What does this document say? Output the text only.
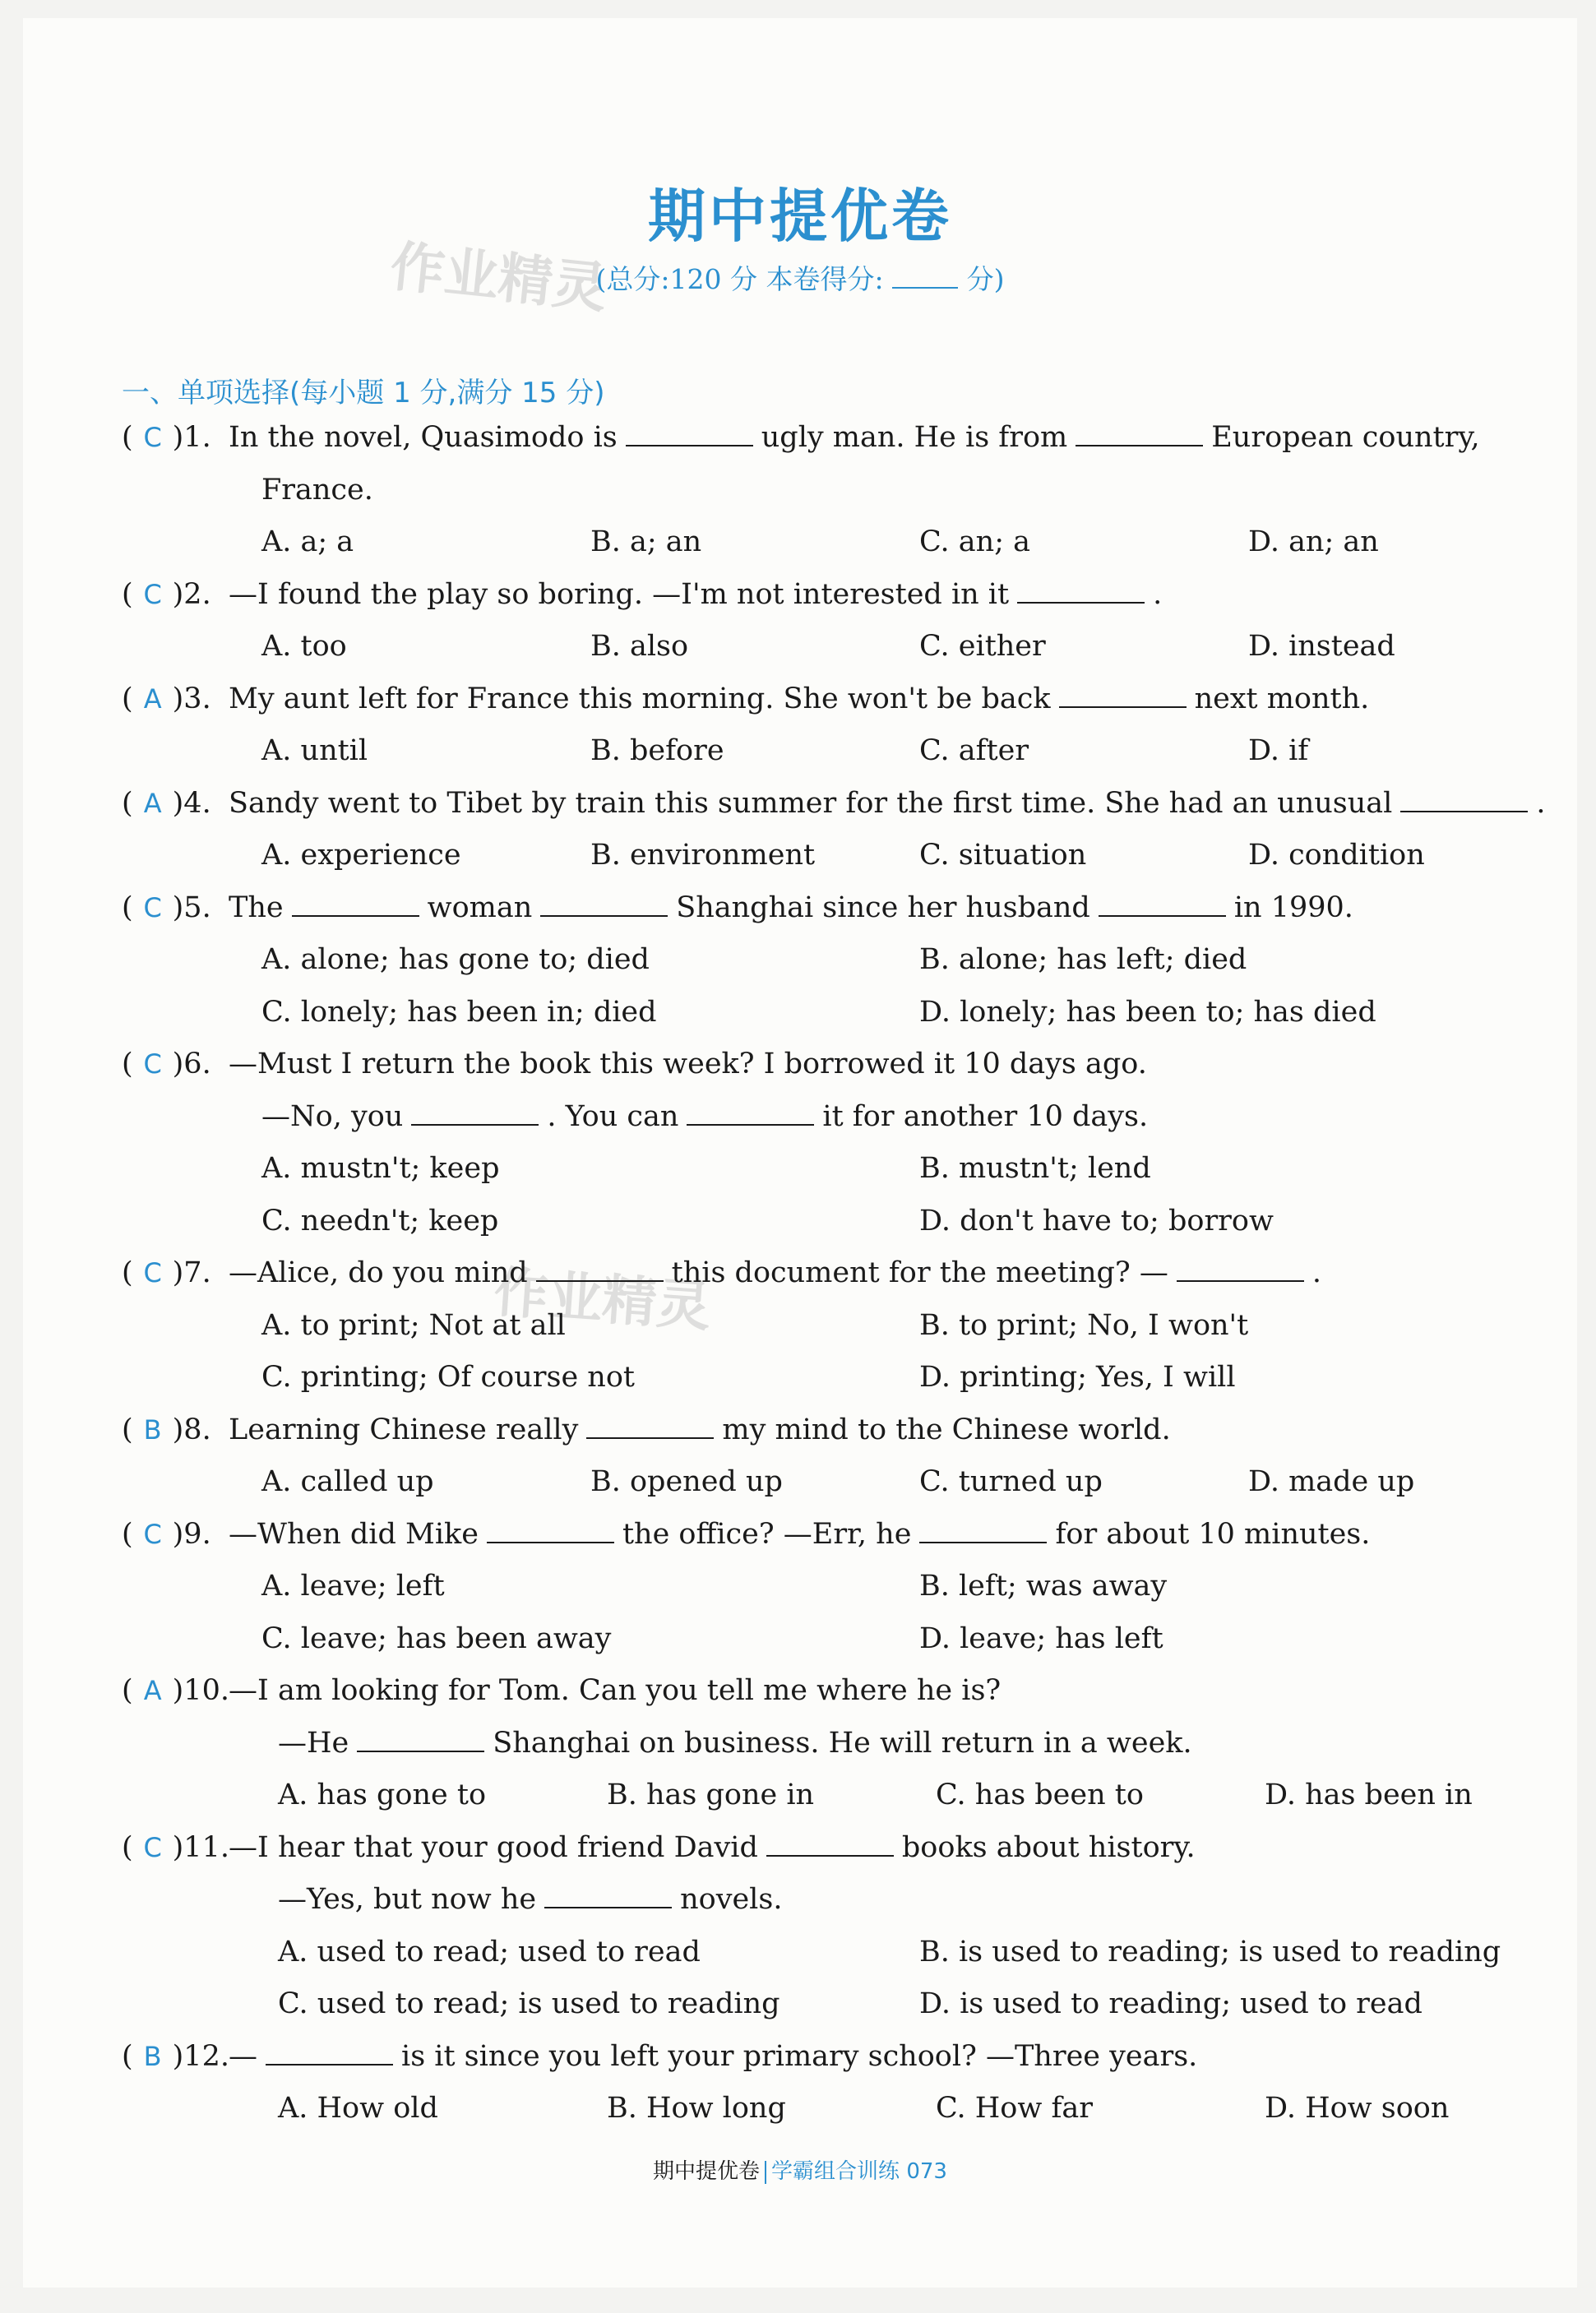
作业精灵
作业精灵
期中提优卷
(总分:120 分 本卷得分:	分)
一、单项选择(每小题 1 分,满分 15 分)
( C )1. In the novel, Quasimodo is	ugly man. He is from	European country,
France.
A. a; a	B. a; an	C. an; a	D. an; an
( C )2. —I found the play so boring. —I'm not interested in it	.
A. too	B. also	C. either	D. instead
( A )3. My aunt left for France this morning. She won't be back	next month.
A. until	B. before	C. after	D. if
( A )4. Sandy went to Tibet by train this summer for the first time. She had an unusual	.
A. experience	B. environment	C. situation	D. condition
( C )5. The	woman	Shanghai since her husband	in 1990.
A. alone; has gone to; died	B. alone; has left; died
C. lonely; has been in; died	D. lonely; has been to; has died
( C )6. —Must I return the book this week? I borrowed it 10 days ago.
—No, you	. You can	it for another 10 days.
A. mustn't; keep	B. mustn't; lend
C. needn't; keep	D. don't have to; borrow
( C )7. —Alice, do you mind	this document for the meeting? —	.
A. to print; Not at all	B. to print; No, I won't
C. printing; Of course not	D. printing; Yes, I will
( B )8. Learning Chinese really	my mind to the Chinese world.
A. called up	B. opened up	C. turned up	D. made up
( C )9. —When did Mike	the office? —Err, he	for about 10 minutes.
A. leave; left	B. left; was away
C. leave; has been away	D. leave; has left
( A )10.—I am looking for Tom. Can you tell me where he is?
—He	Shanghai on business. He will return in a week.
A. has gone to	B. has gone in	C. has been to	D. has been in
( C )11.—I hear that your good friend David	books about history.
—Yes, but now he	novels.
A. used to read; used to read	B. is used to reading; is used to reading
C. used to read; is used to reading	D. is used to reading; used to read
( B )12.—	is it since you left your primary school? —Three years.
A. How old	B. How long	C. How far	D. How soon
期中提优卷 学霸组合训练 073
